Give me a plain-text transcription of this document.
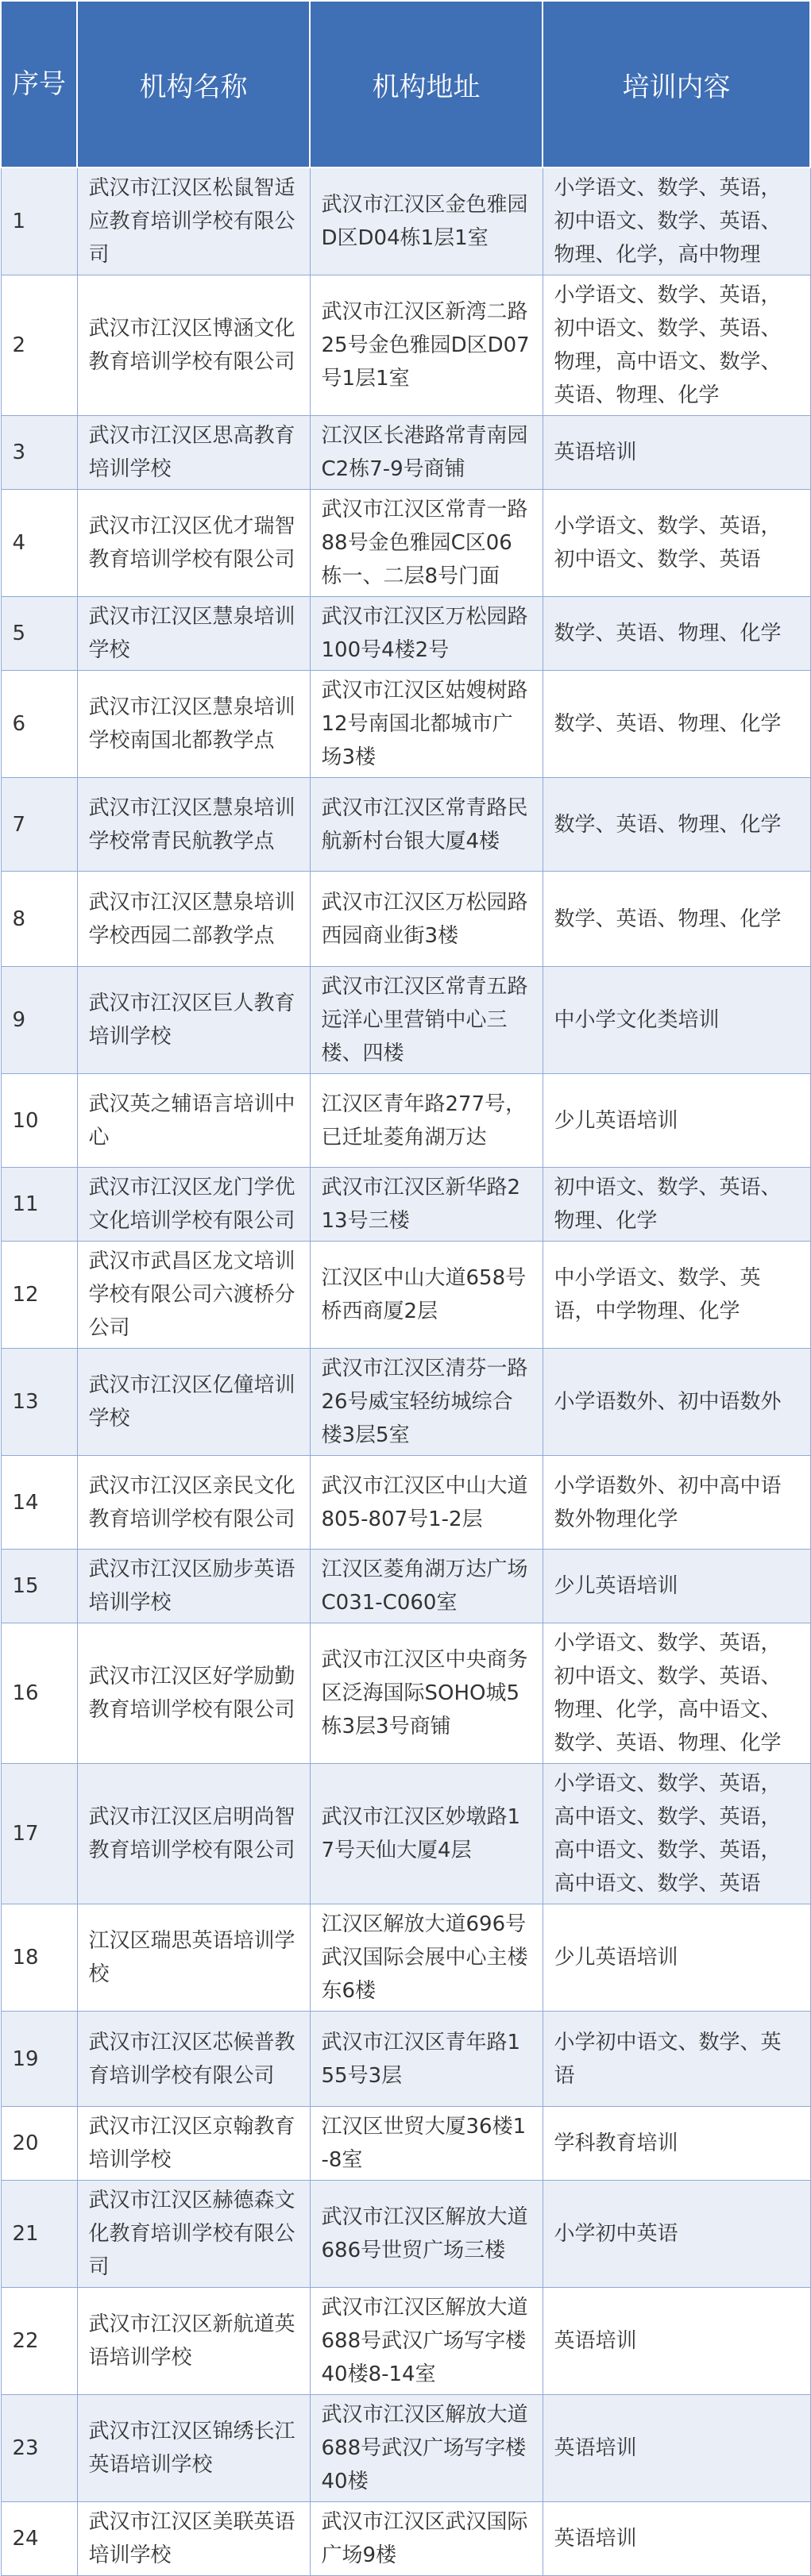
序号	机构名称	机构地址	培训内容
1	武汉市江汉区松鼠智适应教育培训学校有限公司	武汉市江汉区金色雅园D区D04栋1层1室	小学语文、数学、英语，初中语文、数学、英语、物理、化学，高中物理
2	武汉市江汉区博涵文化教育培训学校有限公司	武汉市江汉区新湾二路25号金色雅园D区D07号1层1室	小学语文、数学、英语，初中语文、数学、英语、物理，高中语文、数学、英语、物理、化学
3	武汉市江汉区思高教育培训学校	江汉区长港路常青南园C2栋7-9号商铺	英语培训
4	武汉市江汉区优才瑞智教育培训学校有限公司	武汉市江汉区常青一路88号金色雅园C区06栋一、二层8号门面	小学语文、数学、英语，初中语文、数学、英语
5	武汉市江汉区慧泉培训学校	武汉市江汉区万松园路100号4楼2号	数学、英语、物理、化学
6	武汉市江汉区慧泉培训学校南国北都教学点	武汉市江汉区姑嫂树路12号南国北都城市广场3楼	数学、英语、物理、化学
7	武汉市江汉区慧泉培训学校常青民航教学点	武汉市江汉区常青路民航新村台银大厦4楼	数学、英语、物理、化学
8	武汉市江汉区慧泉培训学校西园二部教学点	武汉市江汉区万松园路西园商业街3楼	数学、英语、物理、化学
9	武汉市江汉区巨人教育培训学校	武汉市江汉区常青五路远洋心里营销中心三楼、四楼	中小学文化类培训
10	武汉英之辅语言培训中心	江汉区青年路277号，已迁址菱角湖万达	少儿英语培训
11	武汉市江汉区龙门学优文化培训学校有限公司	武汉市江汉区新华路213号三楼	初中语文、数学、英语、物理、化学
12	武汉市武昌区龙文培训学校有限公司六渡桥分公司	江汉区中山大道658号桥西商厦2层	中小学语文、数学、英语，中学物理、化学
13	武汉市江汉区亿僮培训学校	武汉市江汉区清芬一路26号威宝轻纺城综合楼3层5室	小学语数外、初中语数外
14	武汉市江汉区亲民文化教育培训学校有限公司	武汉市江汉区中山大道805-807号1-2层	小学语数外、初中高中语数外物理化学
15	武汉市江汉区励步英语培训学校	江汉区菱角湖万达广场C031-C060室	少儿英语培训
16	武汉市江汉区好学励勤教育培训学校有限公司	武汉市江汉区中央商务区泛海国际SOHO城5栋3层3号商铺	小学语文、数学、英语，初中语文、数学、英语、物理、化学，高中语文、数学、英语、物理、化学
17	武汉市江汉区启明尚智教育培训学校有限公司	武汉市江汉区妙墩路17号天仙大厦4层	小学语文、数学、英语，高中语文、数学、英语，高中语文、数学、英语，高中语文、数学、英语
18	江汉区瑞思英语培训学校	江汉区解放大道696号武汉国际会展中心主楼东6楼	少儿英语培训
19	武汉市江汉区芯候普教育培训学校有限公司	武汉市江汉区青年路155号3层	小学初中语文、数学、英语
20	武汉市江汉区京翰教育培训学校	江汉区世贸大厦36楼1-8室	学科教育培训
21	武汉市江汉区赫德森文化教育培训学校有限公司	武汉市江汉区解放大道686号世贸广场三楼	小学初中英语
22	武汉市江汉区新航道英语培训学校	武汉市江汉区解放大道688号武汉广场写字楼40楼8-14室	英语培训
23	武汉市江汉区锦绣长江英语培训学校	武汉市江汉区解放大道688号武汉广场写字楼40楼	英语培训
24	武汉市江汉区美联英语培训学校	武汉市江汉区武汉国际广场9楼	英语培训
